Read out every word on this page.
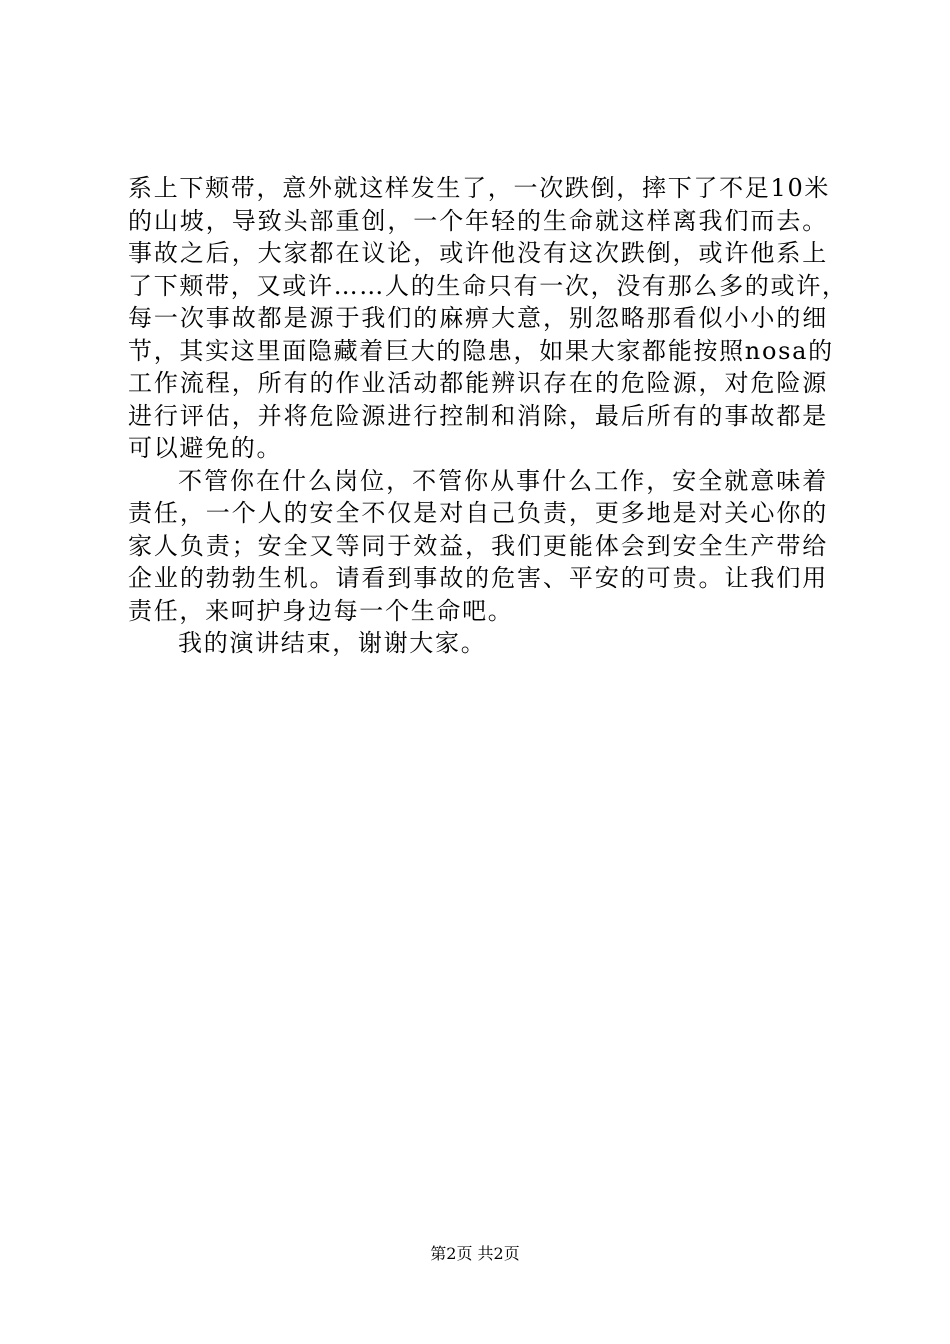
系上下颊带，意外就这样发生了，一次跌倒，摔下了不足10米
的山坡，导致头部重创，一个年轻的生命就这样离我们而去。
事故之后，大家都在议论，或许他没有这次跌倒，或许他系上
了下颊带，又或许……人的生命只有一次，没有那么多的或许，
每一次事故都是源于我们的麻痹大意，别忽略那看似小小的细
节，其实这里面隐藏着巨大的隐患，如果大家都能按照nosa的
工作流程，所有的作业活动都能辨识存在的危险源，对危险源
进行评估，并将危险源进行控制和消除，最后所有的事故都是
可以避免的。
不管你在什么岗位，不管你从事什么工作，安全就意味着
责任，一个人的安全不仅是对自己负责，更多地是对关心你的
家人负责；安全又等同于效益，我们更能体会到安全生产带给
企业的勃勃生机。请看到事故的危害、平安的可贵。让我们用
责任，来呵护身边每一个生命吧。
我的演讲结束，谢谢大家。
第2页 共2页
